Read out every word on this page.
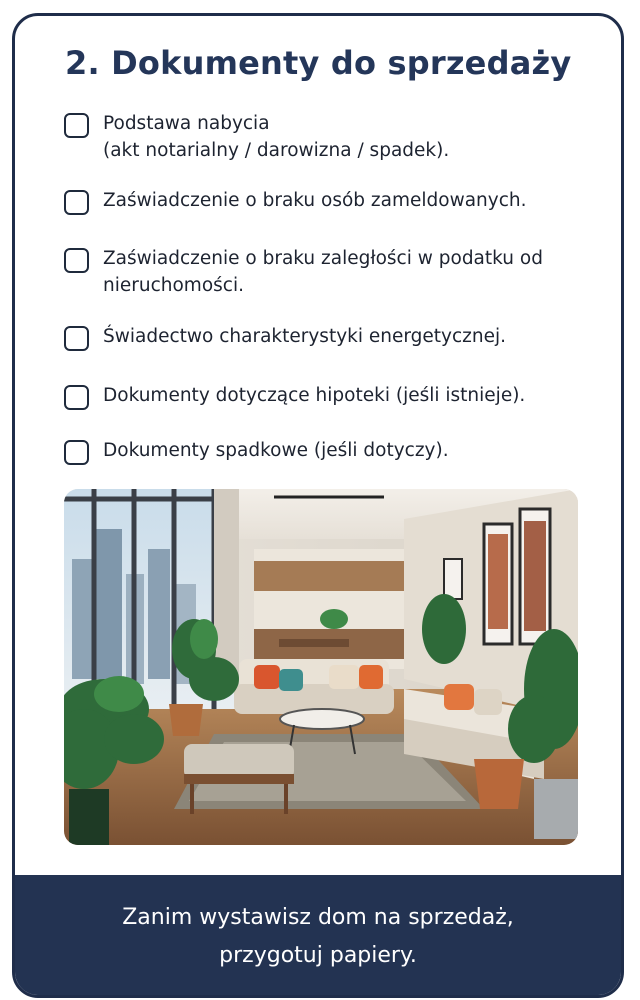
2. Dokumenty do sprzedaży
Podstawa nabycia
(akt notarialny / darowizna / spadek).
Zaświadczenie o braku osób zameldowanych.
Zaświadczenie o braku zaległości w podatku od
nieruchomości.
Świadectwo charakterystyki energetycznej.
Dokumenty dotyczące hipoteki (jeśli istnieje).
Dokumenty spadkowe (jeśli dotyczy).
Zanim wystawisz dom na sprzedaż,
przygotuj papiery.
